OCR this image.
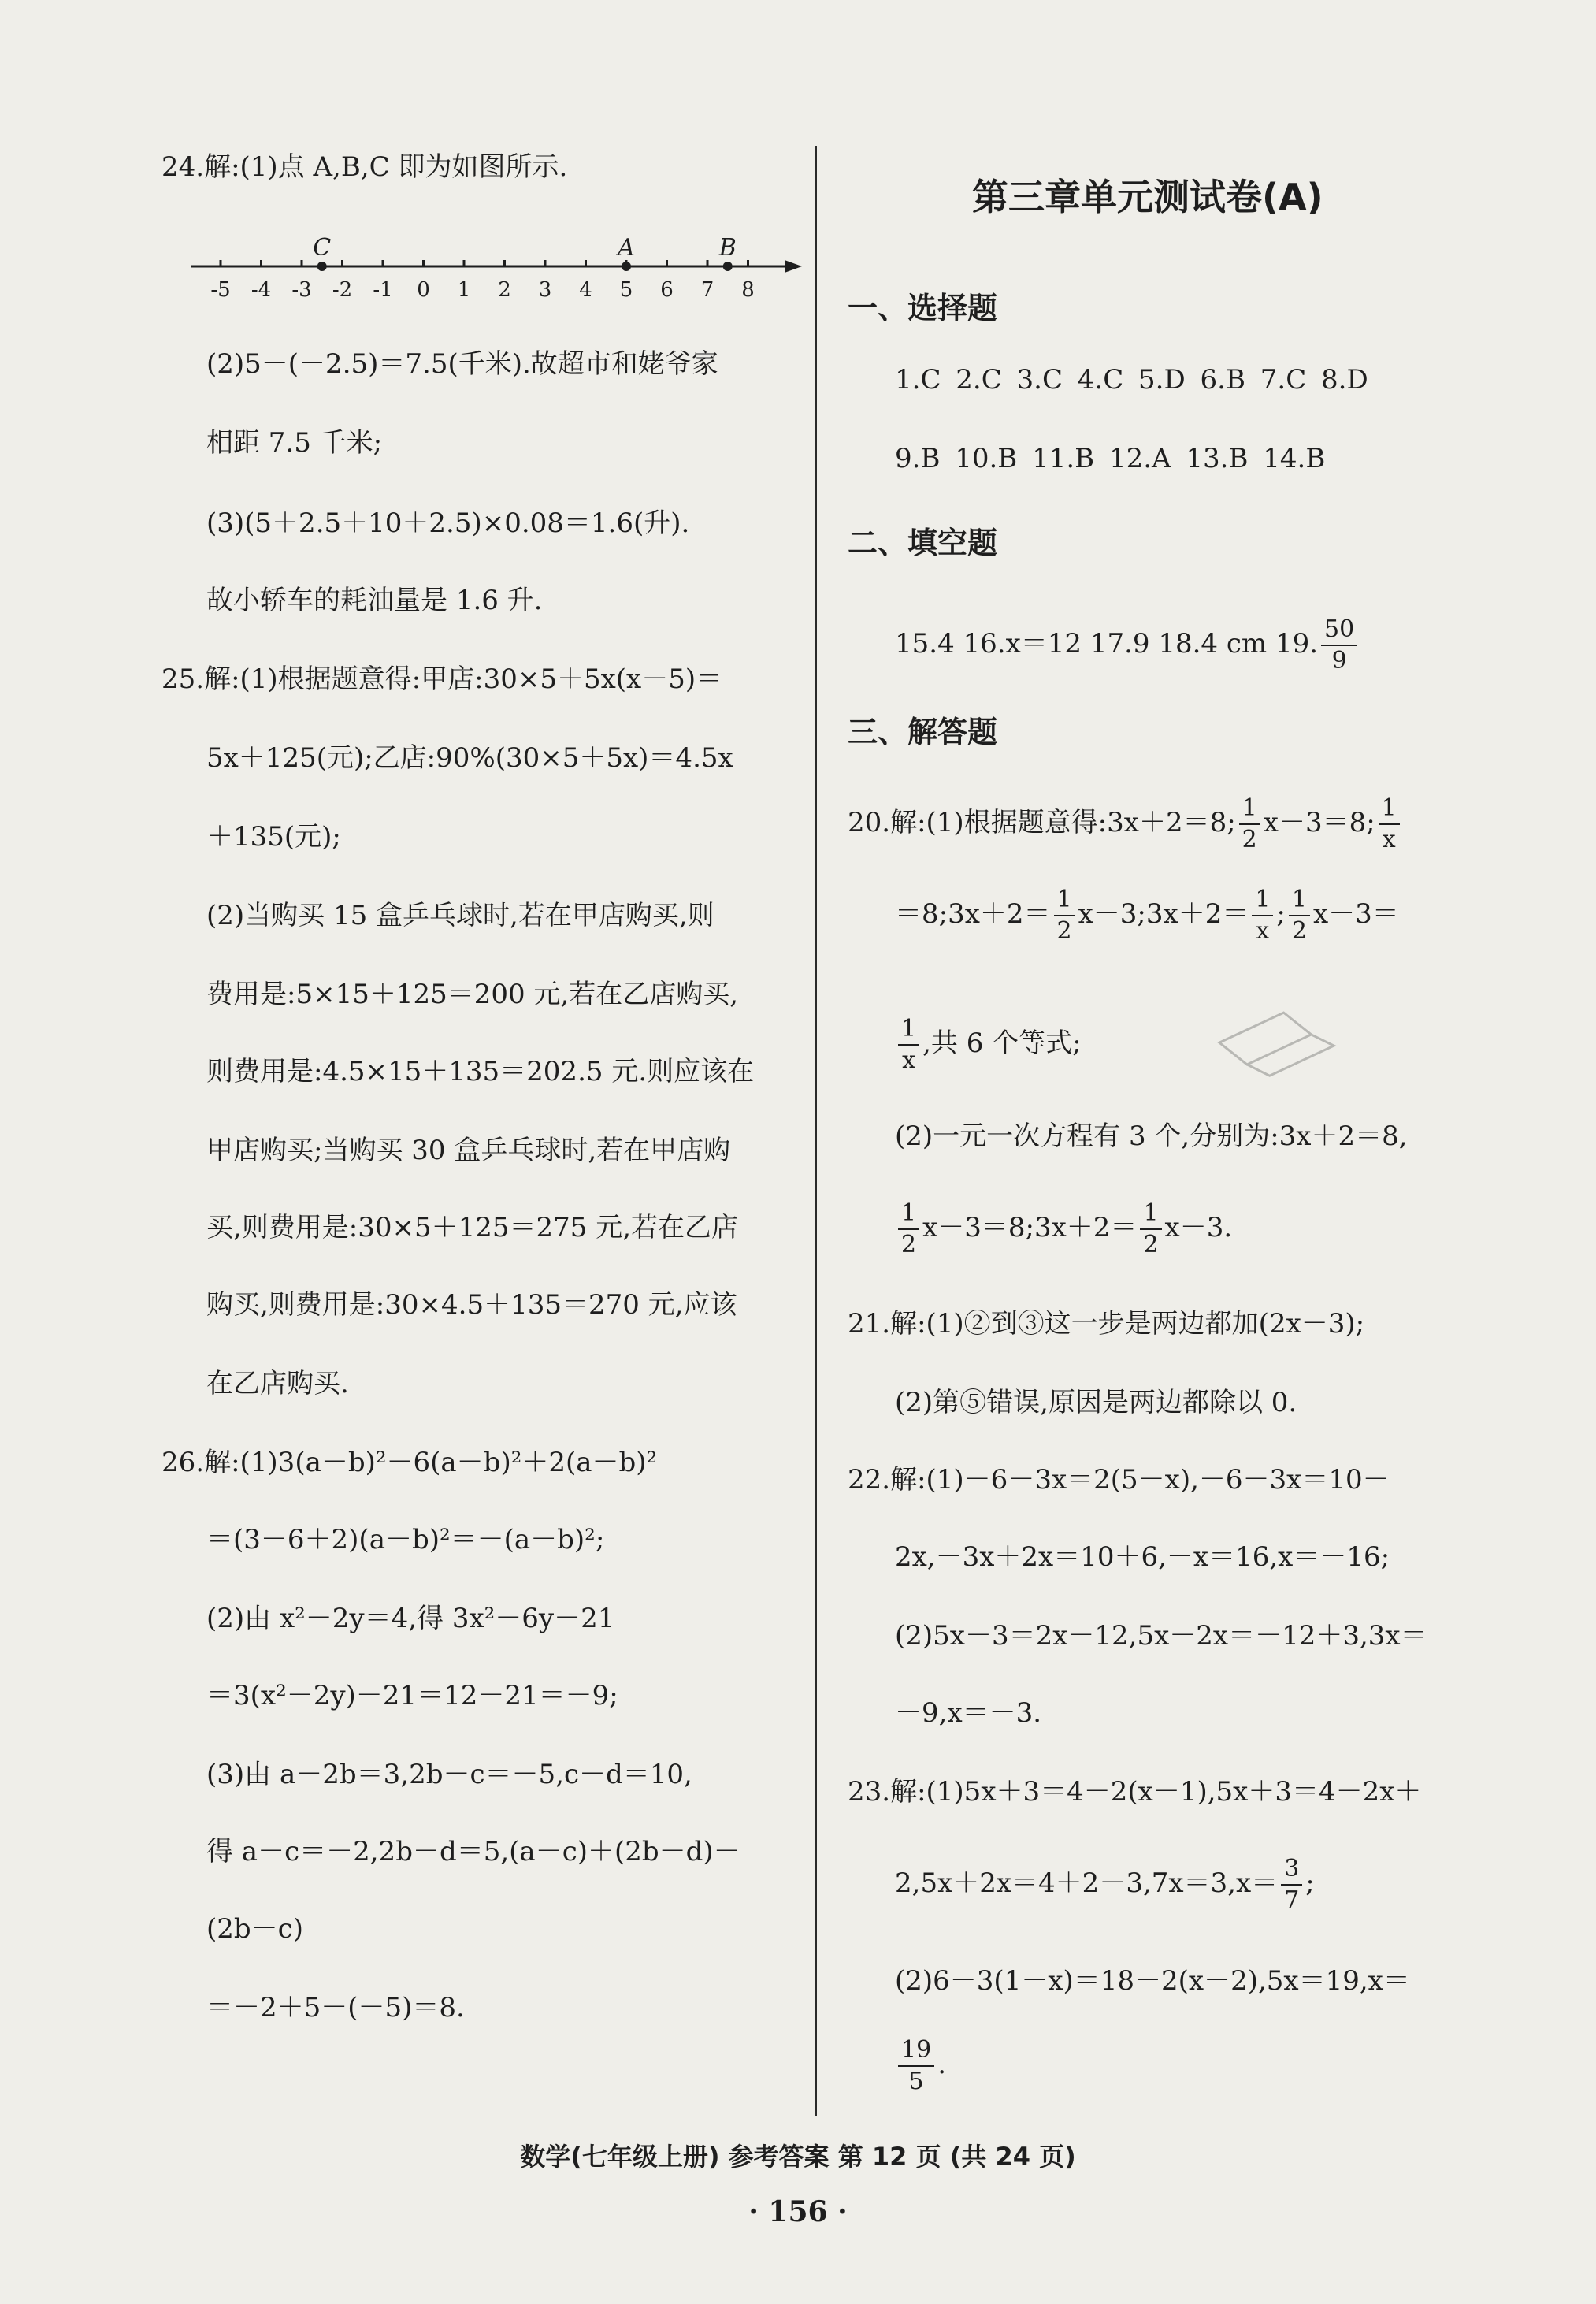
24.解:(1)点 A,B,C 即为如图所示.
-5 -4 -3 -2 -1 0 1 2 3 4 5 6 7 8
C	A	B
(2)5－(－2.5)＝7.5(千米).故超市和姥爷家
相距 7.5 千米;
(3)(5＋2.5＋10＋2.5)×0.08＝1.6(升).
故小轿车的耗油量是 1.6 升.
25.解:(1)根据题意得:甲店:30×5＋5x(x－5)＝
5x＋125(元);乙店:90%(30×5＋5x)＝4.5x
＋135(元);
(2)当购买 15 盒乒乓球时,若在甲店购买,则
费用是:5×15＋125＝200 元,若在乙店购买,
则费用是:4.5×15＋135＝202.5 元.则应该在
甲店购买;当购买 30 盒乒乓球时,若在甲店购
买,则费用是:30×5＋125＝275 元,若在乙店
购买,则费用是:30×4.5＋135＝270 元,应该
在乙店购买.
26.解:(1)3(a－b)²－6(a－b)²＋2(a－b)²
＝(3－6＋2)(a－b)²＝－(a－b)²;
(2)由 x²－2y＝4,得 3x²－6y－21
＝3(x²－2y)－21＝12－21＝－9;
(3)由 a－2b＝3,2b－c＝－5,c－d＝10,
得 a－c＝－2,2b－d＝5,(a－c)＋(2b－d)－
(2b－c)
＝－2＋5－(－5)＝8.
第三章单元测试卷(A)
一、选择题
1.C 2.C 3.C 4.C 5.D 6.B 7.C 8.D
9.B 10.B 11.B 12.A 13.B 14.B
二、填空题
15.4 16.x＝12 17.9 18.4 cm 19. $\frac{50}{9}$
三、解答题
20.解:(1)根据题意得:3x＋2＝8; $\frac{1}{2} x-3=8$; $\frac{1}{x}$
＝8;3x＋2＝ $\frac{1}{2}$ x－3;3x＋2＝ $\frac{1}{x}$ ; $\frac{1}{2} x-3=$
$\frac{1}{x}$ ,共 6 个等式;
(2)一元一次方程有 3 个,分别为:3x＋2＝8,
$\frac{1}{2}$ x－3＝8;3x＋2＝ $\frac{1}{2} x-3$.
21.解:(1)②到③这一步是两边都加(2x－3);
(2)第⑤错误,原因是两边都除以 0.
22.解:(1)－6－3x＝2(5－x),－6－3x＝10－
2x,－3x＋2x＝10＋6,－x＝16,x＝－16;
(2)5x－3＝2x－12,5x－2x＝－12＋3,3x＝
－9,x＝－3.
23.解:(1)5x＋3＝4－2(x－1),5x＋3＝4－2x＋
$2,5x+2x=4+2-3,7x=3,x= \frac{3}{7}$ ;
(2)6－3(1－x)＝18－2(x－2),5x＝19,x＝
$\frac{19}{5}$ .
数学(七年级上册) 参考答案 第 12 页 (共 24 页)
· 156 ·
